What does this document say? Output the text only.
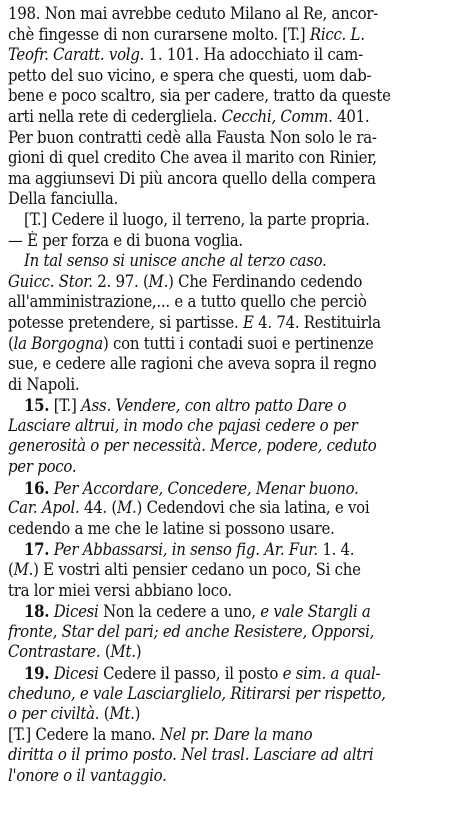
198. Non mai avrebbe ceduto Milano al Re, ancor-
chè fingesse di non curarsene molto. [T.] Ricc. L.
Teofr. Caratt. volg. 1. 101. Ha adocchiato il cam-
petto del suo vicino, e spera che questi, uom dab-
bene e poco scaltro, sia per cadere, tratto da queste
arti nella rete di cedergliela. Cecchi, Comm. 401.
Per buon contratti cedè alla Fausta Non solo le ra-
gioni di quel credito Che avea il marito con Rinier,
ma aggiunsevi Di più ancora quello della compera
Della fanciulla.
[T.] Cedere il luogo, il terreno, la parte propria.
— È per forza e di buona voglia.
In tal senso si unisce anche al terzo caso.
Guicc. Stor. 2. 97. (M.) Che Ferdinando cedendo
all'amministrazione,... e a tutto quello che perciò
potesse pretendere, si partisse. E 4. 74. Restituirla
(la Borgogna) con tutti i contadi suoi e pertinenze
sue, e cedere alle ragioni che aveva sopra il regno
di Napoli.
15. [T.] Ass. Vendere, con altro patto Dare o
Lasciare altrui, in modo che pajasi cedere o per
generosità o per necessità. Merce, podere, ceduto
per poco.
16. Per Accordare, Concedere, Menar buono.
Car. Apol. 44. (M.) Cedendovi che sia latina, e voi
cedendo a me che le latine si possono usare.
17. Per Abbassarsi, in senso fig. Ar. Fur. 1. 4.
(M.) E vostri alti pensier cedano un poco, Si che
tra lor miei versi abbiano loco.
18. Dicesi Non la cedere a uno, e vale Stargli a
fronte, Star del pari; ed anche Resistere, Opporsi,
Contrastare. (Mt.)
19. Dicesi Cedere il passo, il posto e sim. a qual-
cheduno, e vale Lasciarglielo, Ritirarsi per rispetto,
o per civiltà. (Mt.)
[T.] Cedere la mano. Nel pr. Dare la mano
diritta o il primo posto. Nel trasl. Lasciare ad altri
l'onore o il vantaggio.
